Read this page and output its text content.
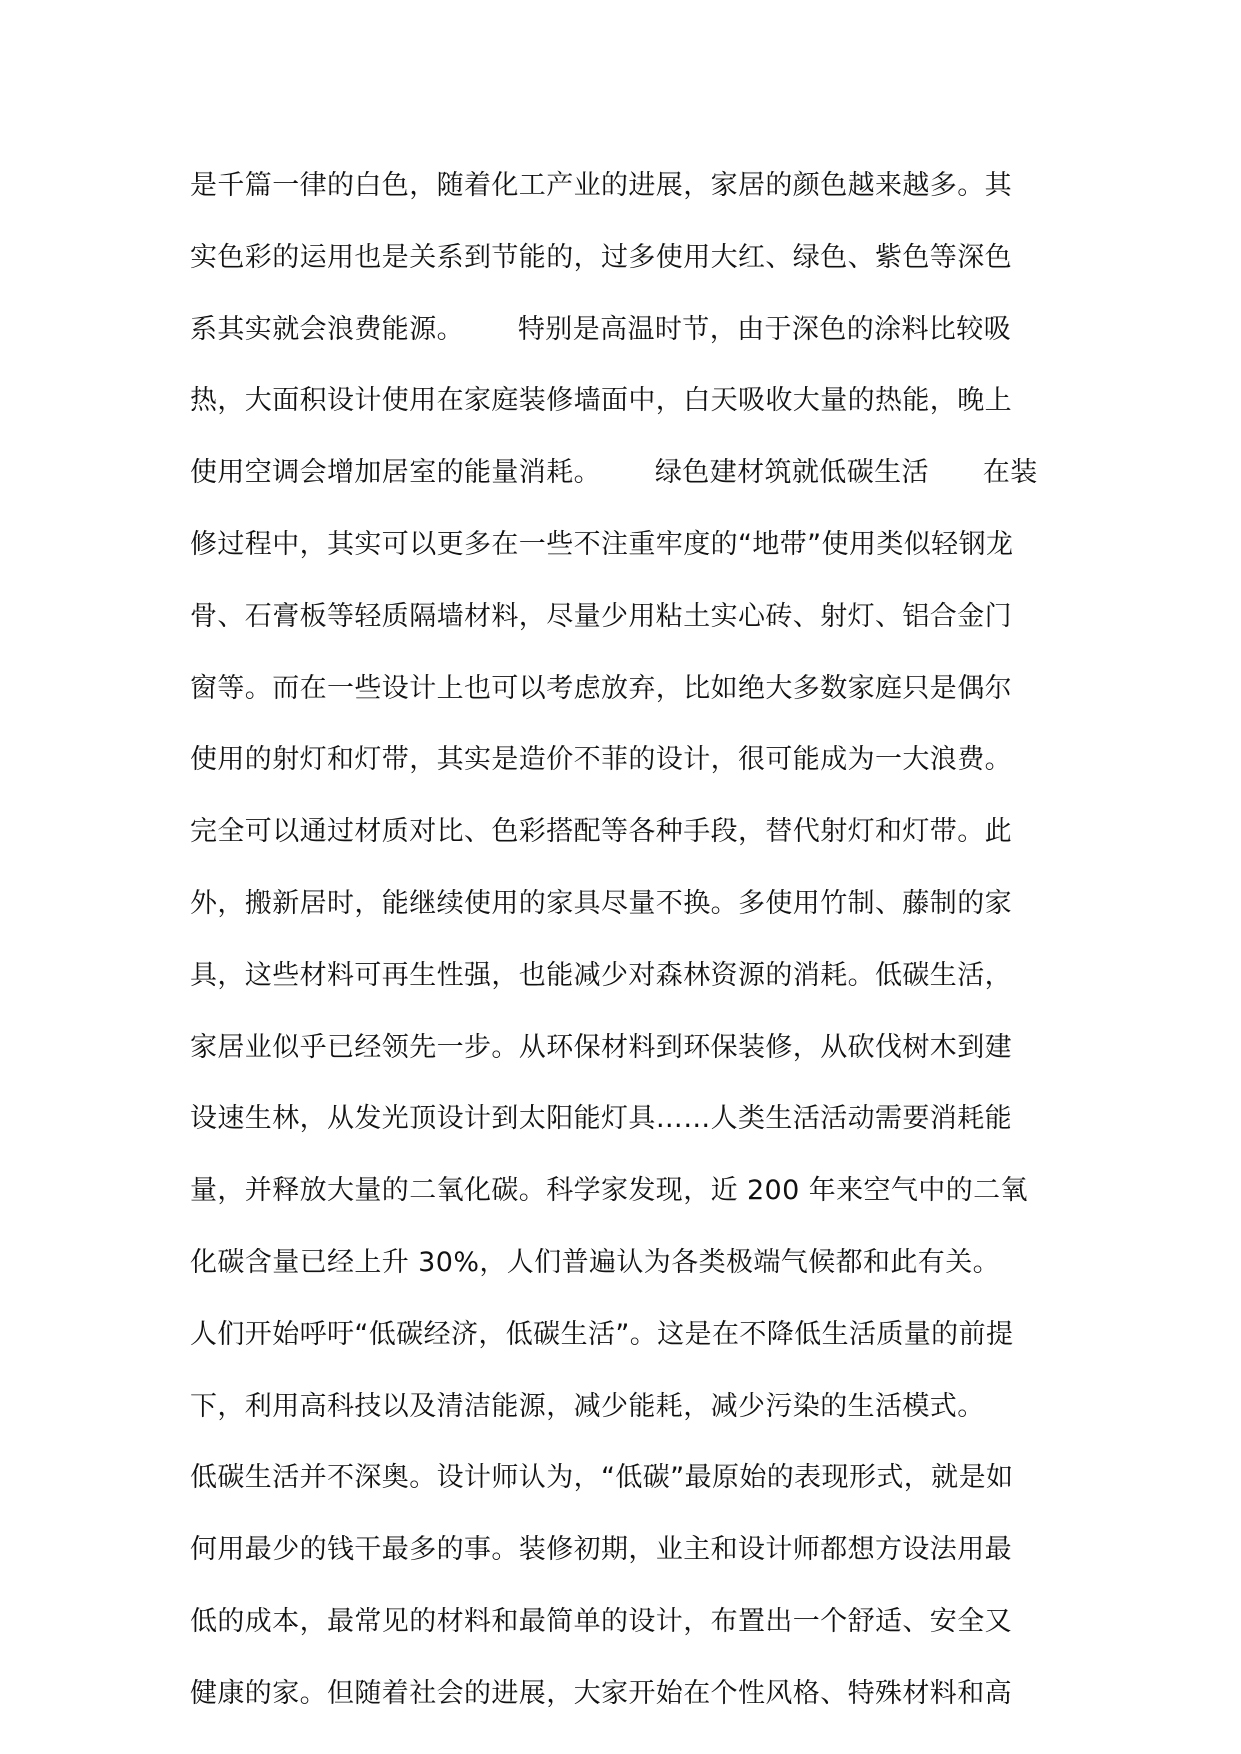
是千篇一律的白色，随着化工产业的进展，家居的颜色越来越多。其
实色彩的运用也是关系到节能的，过多使用大红、绿色、紫色等深色
系其实就会浪费能源。      特别是高温时节，由于深色的涂料比较吸
热，大面积设计使用在家庭装修墙面中，白天吸收大量的热能，晚上
使用空调会增加居室的能量消耗。      绿色建材筑就低碳生活      在装
修过程中，其实可以更多在一些不注重牢度的“地带”使用类似轻钢龙
骨、石膏板等轻质隔墙材料，尽量少用粘土实心砖、射灯、铝合金门
窗等。而在一些设计上也可以考虑放弃，比如绝大多数家庭只是偶尔
使用的射灯和灯带，其实是造价不菲的设计，很可能成为一大浪费。
完全可以通过材质对比、色彩搭配等各种手段，替代射灯和灯带。此
外，搬新居时，能继续使用的家具尽量不换。多使用竹制、藤制的家
具，这些材料可再生性强，也能减少对森林资源的消耗。低碳生活，
家居业似乎已经领先一步。从环保材料到环保装修，从砍伐树木到建
设速生林，从发光顶设计到太阳能灯具……人类生活活动需要消耗能
量，并释放大量的二氧化碳。科学家发现，近 200 年来空气中的二氧
化碳含量已经上升 30%，人们普遍认为各类极端气候都和此有关。
人们开始呼吁“低碳经济，低碳生活”。这是在不降低生活质量的前提
下，利用高科技以及清洁能源，减少能耗，减少污染的生活模式。
低碳生活并不深奥。设计师认为，“低碳”最原始的表现形式，就是如
何用最少的钱干最多的事。装修初期，业主和设计师都想方设法用最
低的成本，最常见的材料和最简单的设计，布置出一个舒适、安全又
健康的家。但随着社会的进展，大家开始在个性风格、特殊材料和高
